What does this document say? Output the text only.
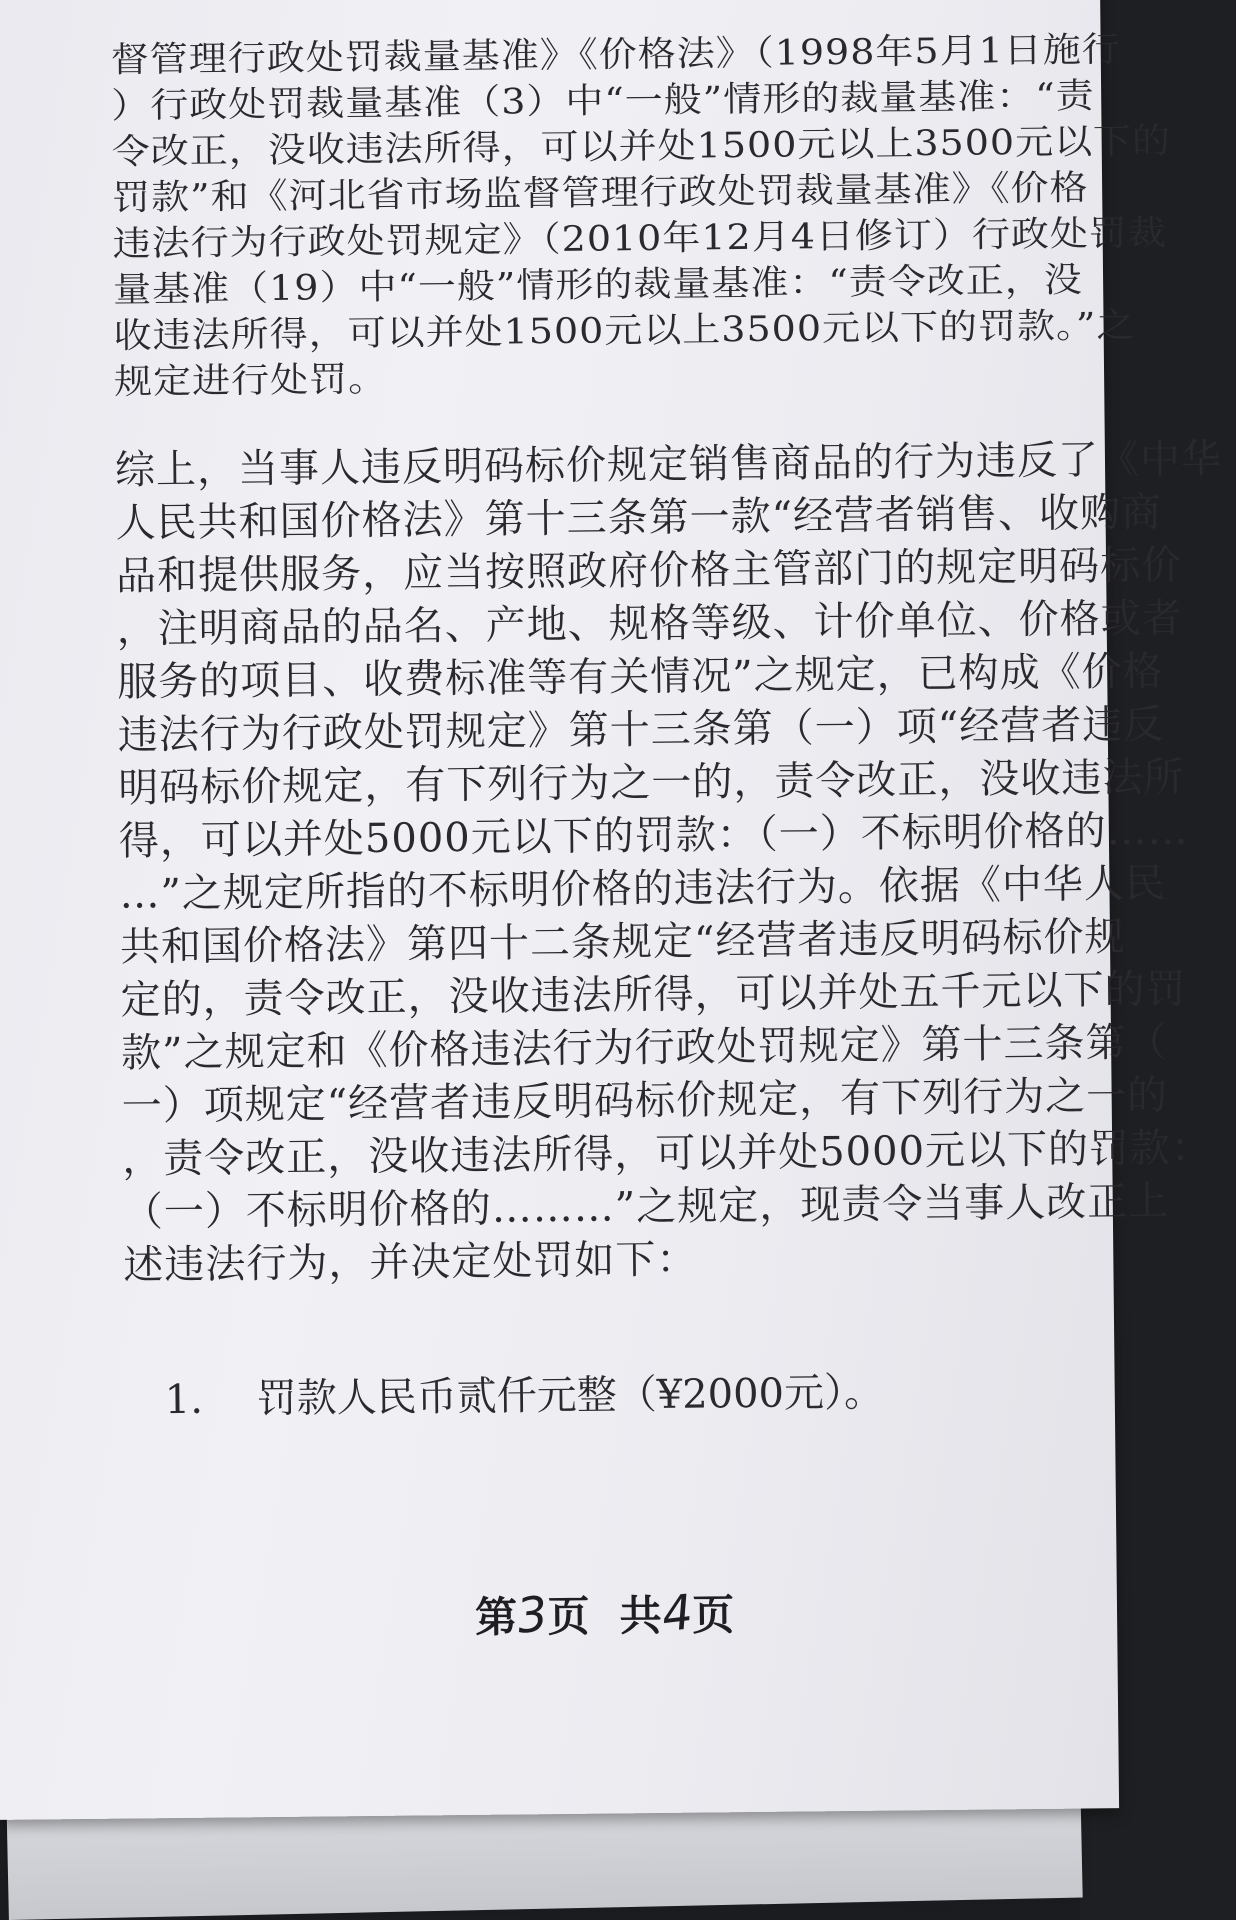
督管理行政处罚裁量基准》《价格法》（1998年5月1日施行
）行政处罚裁量基准（3）中“一般”情形的裁量基准：“责
令改正，没收违法所得，可以并处1500元以上3500元以下的
罚款”和《河北省市场监督管理行政处罚裁量基准》《价格
违法行为行政处罚规定》（2010年12月4日修订）行政处罚裁
量基准（19）中“一般”情形的裁量基准：“责令改正，没
收违法所得，可以并处1500元以上3500元以下的罚款。”之
规定进行处罚。
综上，当事人违反明码标价规定销售商品的行为违反了《中华
人民共和国价格法》第十三条第一款“经营者销售、收购商
品和提供服务，应当按照政府价格主管部门的规定明码标价
，注明商品的品名、产地、规格等级、计价单位、价格或者
服务的项目、收费标准等有关情况”之规定，已构成《价格
违法行为行政处罚规定》第十三条第（一）项“经营者违反
明码标价规定，有下列行为之一的，责令改正，没收违法所
得，可以并处5000元以下的罚款：（一）不标明价格的……
…”之规定所指的不标明价格的违法行为。依据《中华人民
共和国价格法》第四十二条规定“经营者违反明码标价规
定的，责令改正，没收违法所得，可以并处五千元以下的罚
款”之规定和《价格违法行为行政处罚规定》第十三条第（
一）项规定“经营者违反明码标价规定，有下列行为之一的
，责令改正，没收违法所得，可以并处5000元以下的罚款：
（一）不标明价格的………”之规定，现责令当事人改正上
述违法行为，并决定处罚如下：
1. 罚款人民币贰仟元整（¥2000元）。
第3页 共4页
